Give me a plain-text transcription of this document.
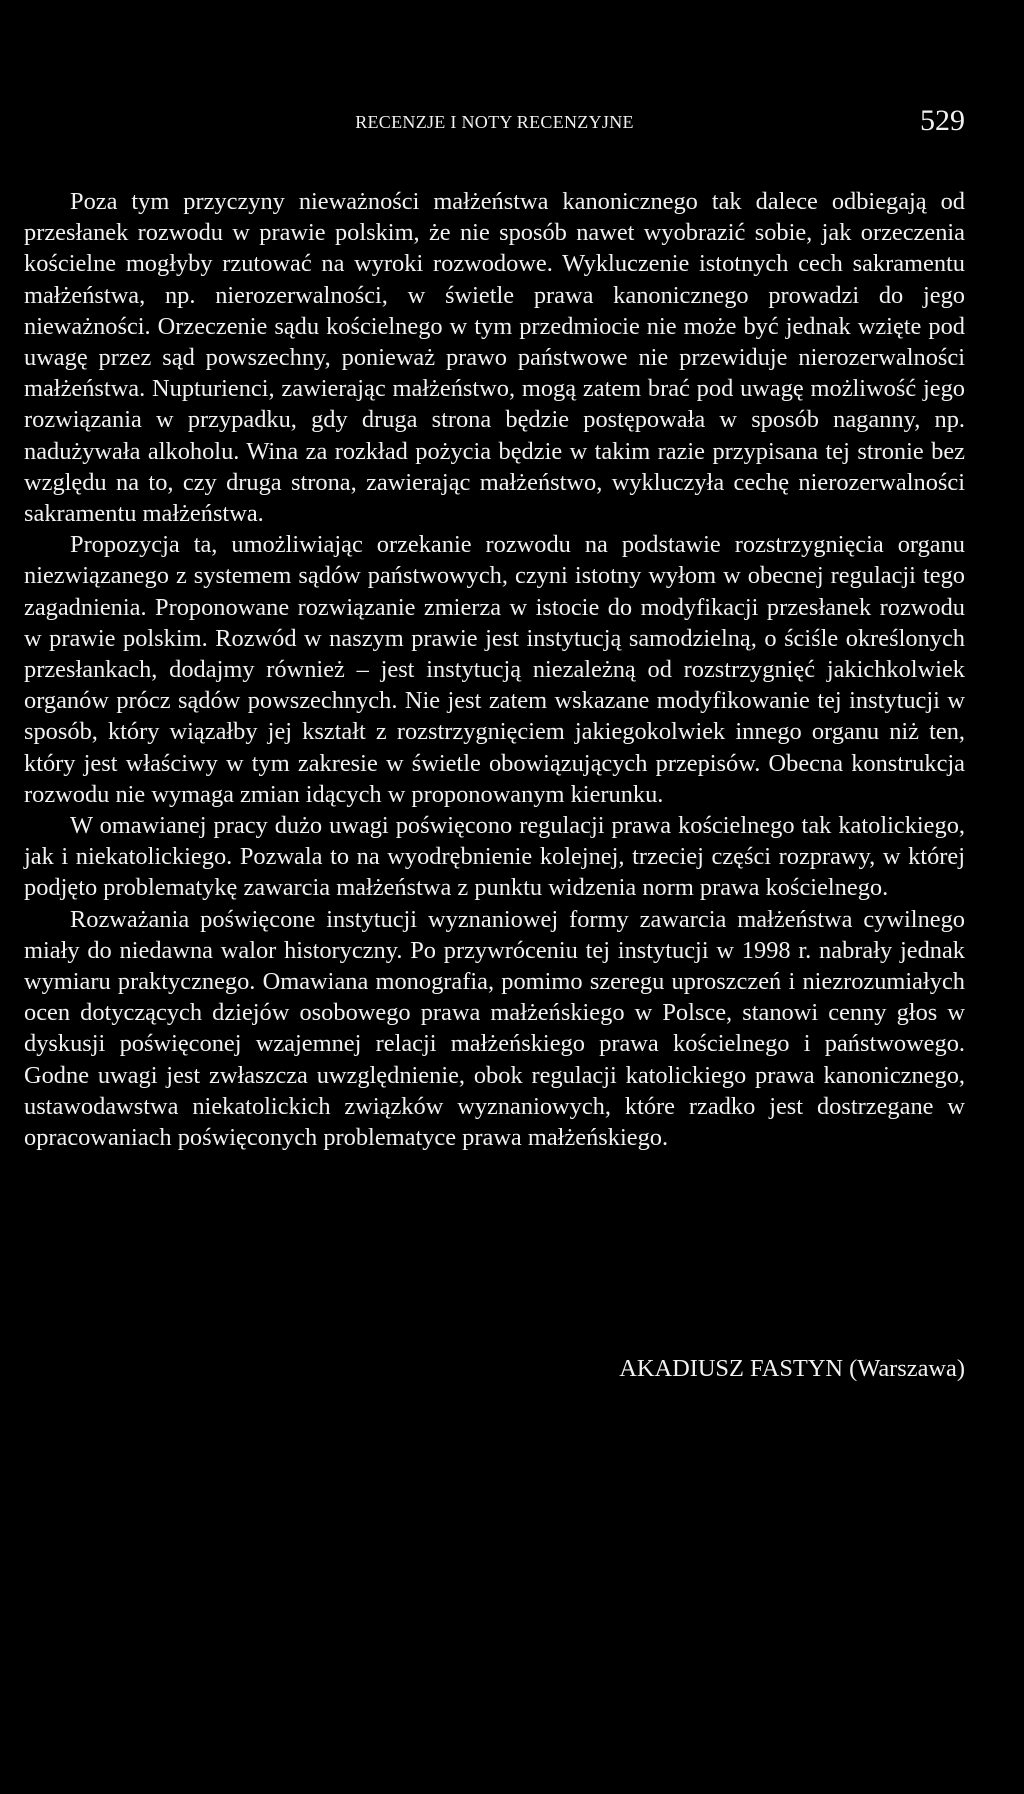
RECENZJE I NOTY RECENZYJNE	529

Poza tym przyczyny nieważności małżeństwa kanonicznego tak dalece odbiegają od przesłanek rozwodu w prawie polskim, że nie sposób nawet wyobrazić sobie, jak orzeczenia kościelne mogłyby rzutować na wyroki rozwodowe. Wykluczenie istotnych cech sakramentu małżeństwa, np. nierozerwalności, w świetle prawa kanonicznego prowadzi do jego nieważności. Orzeczenie sądu kościelnego w tym przedmiocie nie może być jednak wzięte pod uwagę przez sąd powszechny, ponieważ prawo państwowe nie przewiduje nierozerwalności małżeństwa. Nupturienci, zawierając małżeństwo, mogą zatem brać pod uwagę możliwość jego rozwiązania w przypadku, gdy druga strona będzie postępowała w sposób naganny, np. nadużywała alkoholu. Wina za rozkład pożycia będzie w takim razie przypisana tej stronie bez względu na to, czy druga strona, zawierając małżeństwo, wykluczyła cechę nierozerwalności sakramentu małżeństwa.

Propozycja ta, umożliwiając orzekanie rozwodu na podstawie rozstrzygnięcia organu niezwiązanego z systemem sądów państwowych, czyni istotny wyłom w obecnej regulacji tego zagadnienia. Proponowane rozwiązanie zmierza w istocie do modyfikacji przesłanek rozwodu w prawie polskim. Rozwód w naszym prawie jest instytucją samodzielną, o ściśle określonych przesłankach, dodajmy również – jest instytucją niezależną od rozstrzygnięć jakichkolwiek organów prócz sądów powszechnych. Nie jest zatem wskazane modyfikowanie tej instytucji w sposób, który wiązałby jej kształt z rozstrzygnięciem jakiegokolwiek innego organu niż ten, który jest właściwy w tym zakresie w świetle obowiązujących przepisów. Obecna konstrukcja rozwodu nie wymaga zmian idących w proponowanym kierunku.

W omawianej pracy dużo uwagi poświęcono regulacji prawa kościelnego tak katolickiego, jak i niekatolickiego. Pozwala to na wyodrębnienie kolejnej, trzeciej części rozprawy, w której podjęto problematykę zawarcia małżeństwa z punktu widzenia norm prawa kościelnego.

Rozważania poświęcone instytucji wyznaniowej formy zawarcia małżeństwa cywilnego miały do niedawna walor historyczny. Po przywróceniu tej instytucji w 1998 r. nabrały jednak wymiaru praktycznego. Omawiana monografia, pomimo szeregu uproszczeń i niezrozumiałych ocen dotyczących dziejów osobowego prawa małżeńskiego w Polsce, stanowi cenny głos w dyskusji poświęconej wzajemnej relacji małżeńskiego prawa kościelnego i państwowego. Godne uwagi jest zwłaszcza uwzględnienie, obok regulacji katolickiego prawa kanonicznego, ustawodawstwa niekatolickich związków wyznaniowych, które rzadko jest dostrzegane w opracowaniach poświęconych problematyce prawa małżeńskiego.

AKADIUSZ FASTYN (Warszawa)
